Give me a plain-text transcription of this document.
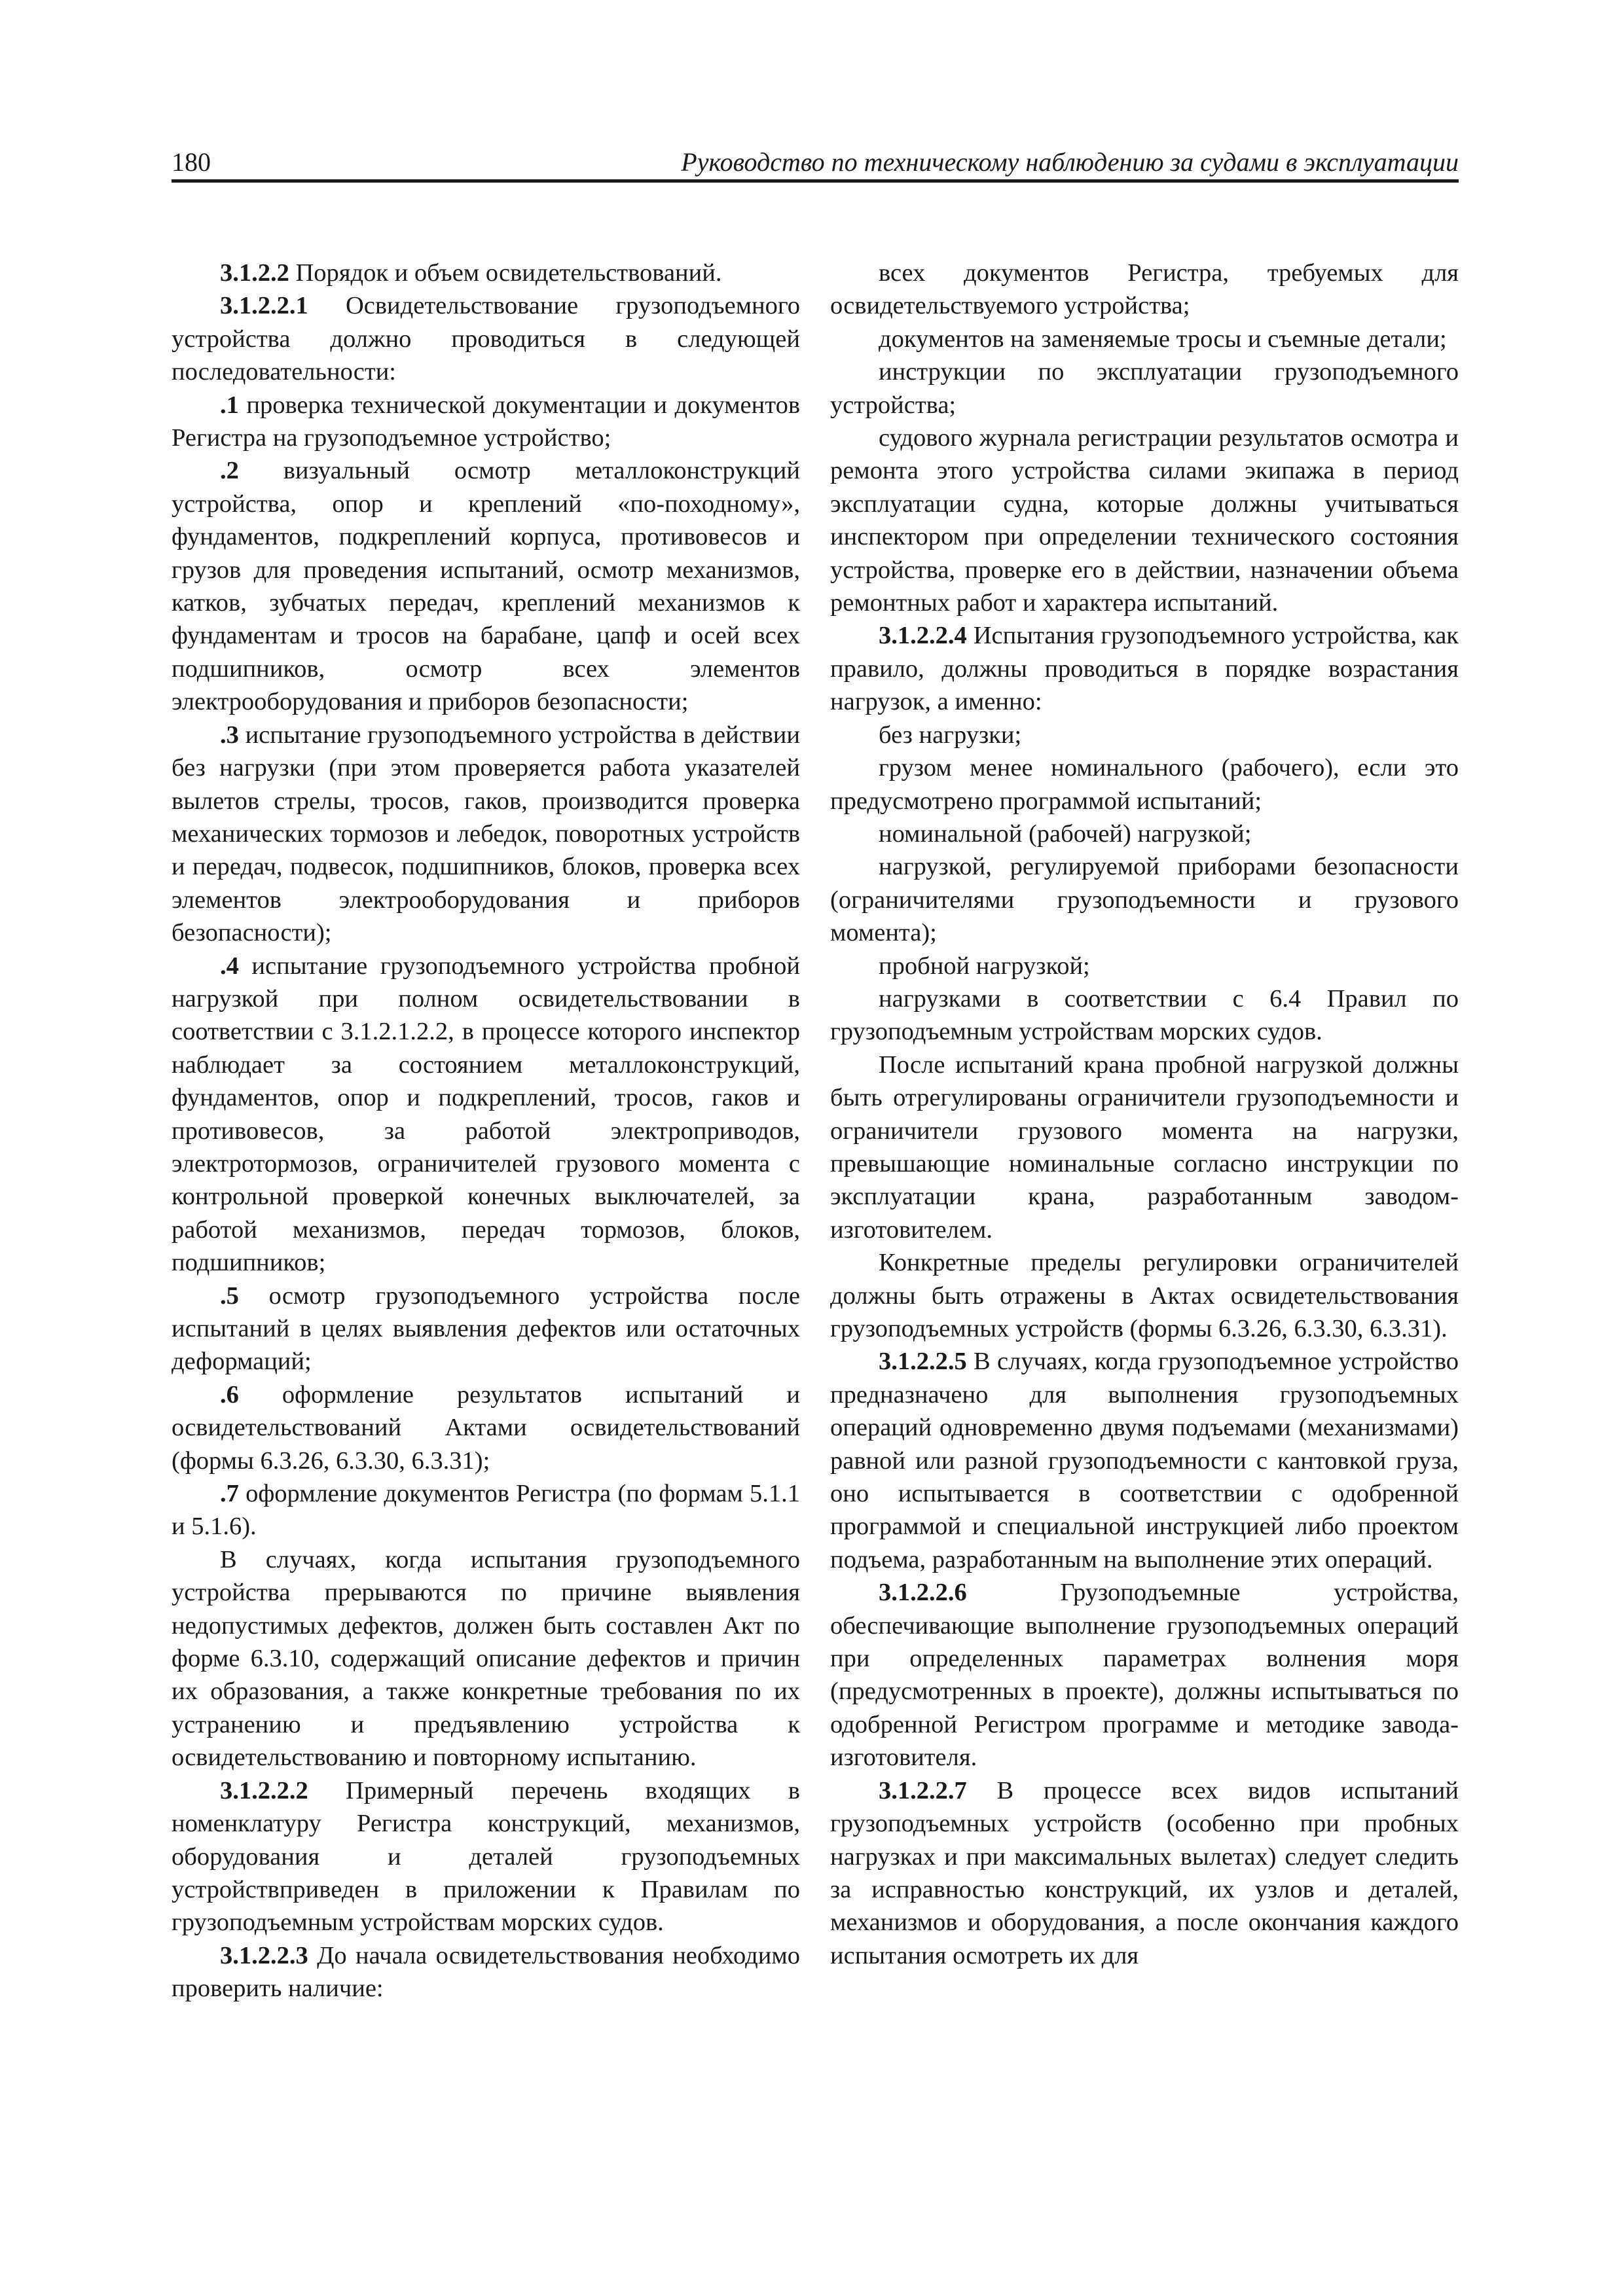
180	Руководство по техническому наблюдению за судами в эксплуатации

3.1.2.2 Порядок и объем освидетельствований.

3.1.2.2.1 Освидетельствование грузоподъемного устройства должно проводиться в следующей последовательности:

.1 проверка технической документации и документов Регистра на грузоподъемное устройство;

.2 визуальный осмотр металлоконструкций устройства, опор и креплений «по-походному», фундаментов, подкреплений корпуса, противовесов и грузов для проведения испытаний, осмотр механизмов, катков, зубчатых передач, креплений механизмов к фундаментам и тросов на барабане, цапф и осей всех подшипников, осмотр всех элементов электрооборудования и приборов безопасности;

.3 испытание грузоподъемного устройства в действии без нагрузки (при этом проверяется работа указателей вылетов стрелы, тросов, гаков, производится проверка механических тормозов и лебедок, поворотных устройств и передач, подвесок, подшипников, блоков, проверка всех элементов электрооборудования и приборов безопасности);

.4 испытание грузоподъемного устройства пробной нагрузкой при полном освидетельствовании в соответствии с 3.1.2.1.2.2, в процессе которого инспектор наблюдает за состоянием металлоконструкций, фундаментов, опор и подкреплений, тросов, гаков и противовесов, за работой электроприводов, электротормозов, ограничителей грузового момента с контрольной проверкой конечных выключателей, за работой механизмов, передач тормозов, блоков, подшипников;

.5 осмотр грузоподъемного устройства после испытаний в целях выявления дефектов или остаточных деформаций;

.6 оформление результатов испытаний и освидетельствований Актами освидетельствований (формы 6.3.26, 6.3.30, 6.3.31);

.7 оформление документов Регистра (по формам 5.1.1 и 5.1.6).

В случаях, когда испытания грузоподъемного устройства прерываются по причине выявления недопустимых дефектов, должен быть составлен Акт по форме 6.3.10, содержащий описание дефектов и причин их образования, а также конкретные требования по их устранению и предъявлению устройства к освидетельствованию и повторному испытанию.

3.1.2.2.2 Примерный перечень входящих в номенклатуру Регистра конструкций, механизмов, оборудования и деталей грузоподъемных устройствприведен в приложении к Правилам по грузоподъемным устройствам морских судов.

3.1.2.2.3 До начала освидетельствования необходимо проверить наличие:

всех документов Регистра, требуемых для освидетельствуемого устройства;

документов на заменяемые тросы и съемные детали;

инструкции по эксплуатации грузоподъемного устройства;

судового журнала регистрации результатов осмотра и ремонта этого устройства силами экипажа в период эксплуатации судна, которые должны учитываться инспектором при определении технического состояния устройства, проверке его в действии, назначении объема ремонтных работ и характера испытаний.

3.1.2.2.4 Испытания грузоподъемного устройства, как правило, должны проводиться в порядке возрастания нагрузок, а именно:

без нагрузки;

грузом менее номинального (рабочего), если это предусмотрено программой испытаний;

номинальной (рабочей) нагрузкой;

нагрузкой, регулируемой приборами безопасности (ограничителями грузоподъемности и грузового момента);

пробной нагрузкой;

нагрузками в соответствии с 6.4 Правил по грузоподъемным устройствам морских судов.

После испытаний крана пробной нагрузкой должны быть отрегулированы ограничители грузоподъемности и ограничители грузового момента на нагрузки, превышающие номинальные согласно инструкции по эксплуатации крана, разработанным заводом-изготовителем.

Конкретные пределы регулировки ограничителей должны быть отражены в Актах освидетельствования грузоподъемных устройств (формы 6.3.26, 6.3.30, 6.3.31).

3.1.2.2.5 В случаях, когда грузоподъемное устройство предназначено для выполнения грузоподъемных операций одновременно двумя подъемами (механизмами) равной или разной грузоподъемности с кантовкой груза, оно испытывается в соответствии с одобренной программой и специальной инструкцией либо проектом подъема, разработанным на выполнение этих операций.

3.1.2.2.6 Грузоподъемные устройства, обеспечивающие выполнение грузоподъемных операций при определенных параметрах волнения моря (предусмотренных в проекте), должны испытываться по одобренной Регистром программе и методике завода-изготовителя.

3.1.2.2.7 В процессе всех видов испытаний грузоподъемных устройств (особенно при пробных нагрузках и при максимальных вылетах) следует следить за исправностью конструкций, их узлов и деталей, механизмов и оборудования, а после окончания каждого испытания осмотреть их для
